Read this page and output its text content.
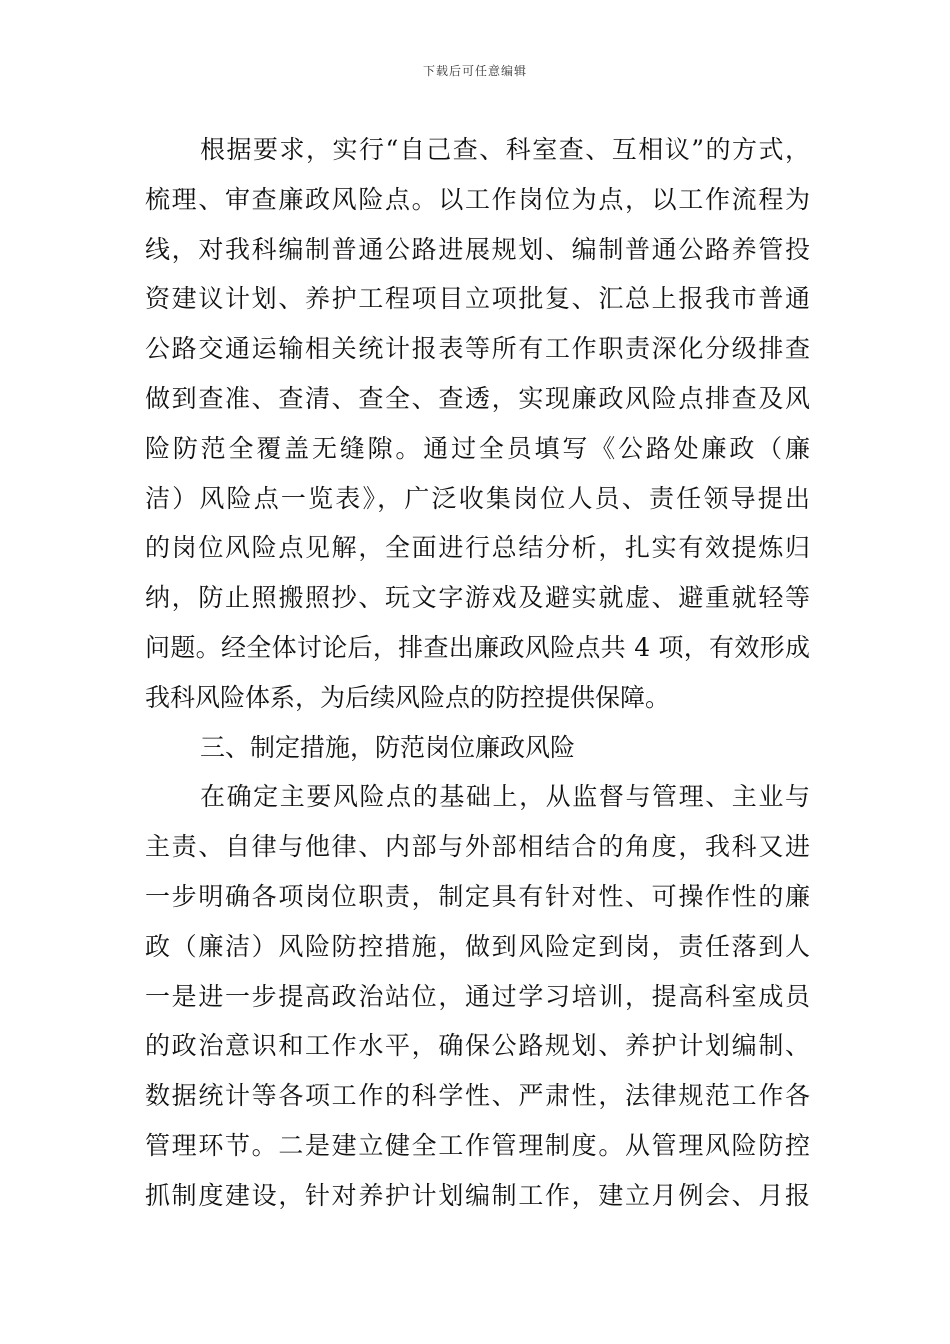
下载后可任意编辑
根据要求，实行“自己查、科室查、互相议”的方式，
梳理、审查廉政风险点。以工作岗位为点，以工作流程为
线，对我科编制普通公路进展规划、编制普通公路养管投
资建议计划、养护工程项目立项批复、汇总上报我市普通
公路交通运输相关统计报表等所有工作职责深化分级排查
做到查准、查清、查全、查透，实现廉政风险点排查及风
险防范全覆盖无缝隙。通过全员填写《公路处廉政（廉
洁）风险点一览表》，广泛收集岗位人员、责任领导提出
的岗位风险点见解，全面进行总结分析，扎实有效提炼归
纳，防止照搬照抄、玩文字游戏及避实就虚、避重就轻等
问题。经全体讨论后，排查出廉政风险点共 4 项，有效形成
我科风险体系，为后续风险点的防控提供保障。
三、制定措施，防范岗位廉政风险
在确定主要风险点的基础上，从监督与管理、主业与
主责、自律与他律、内部与外部相结合的角度，我科又进
一步明确各项岗位职责，制定具有针对性、可操作性的廉
政（廉洁）风险防控措施，做到风险定到岗，责任落到人
一是进一步提高政治站位，通过学习培训，提高科室成员
的政治意识和工作水平，确保公路规划、养护计划编制、
数据统计等各项工作的科学性、严肃性，法律规范工作各
管理环节。二是建立健全工作管理制度。从管理风险防控
抓制度建设，针对养护计划编制工作，建立月例会、月报
